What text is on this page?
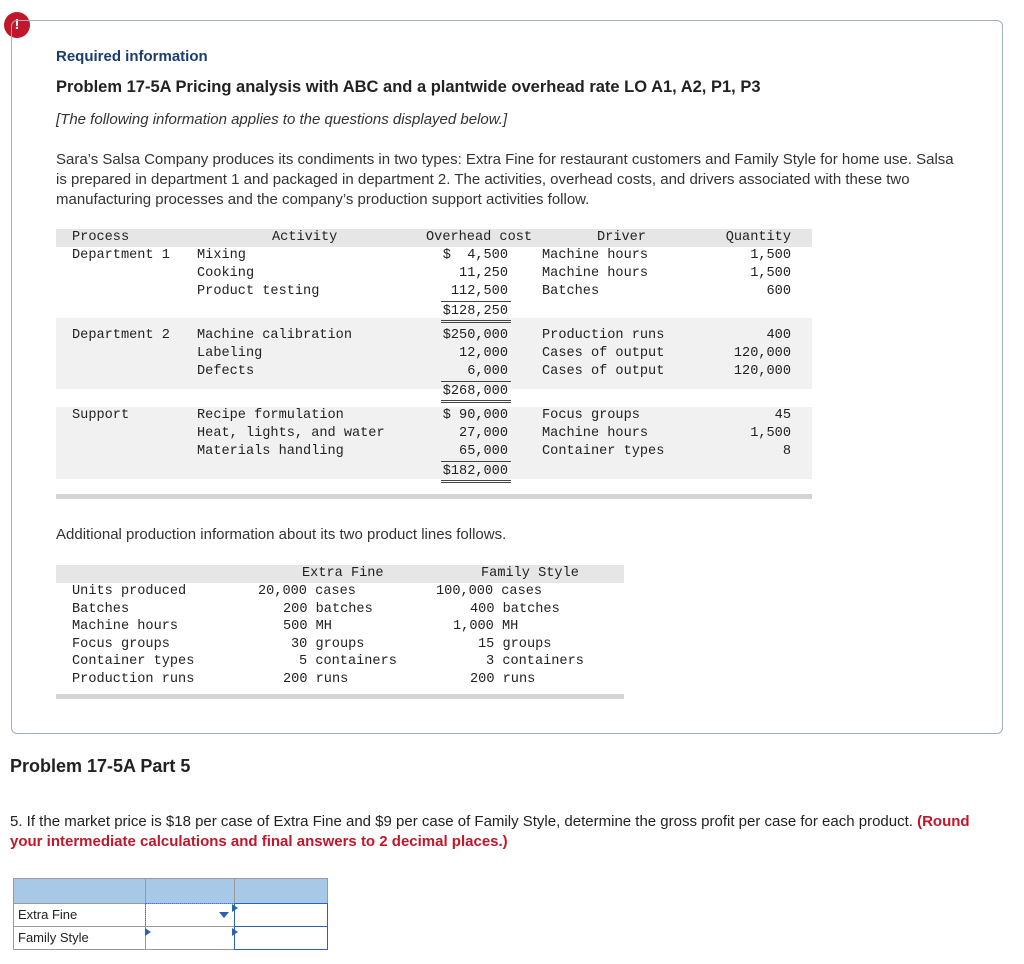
!

Required information

Problem 17-5A Pricing analysis with ABC and a plantwide overhead rate LO A1, A2, P1, P3

[The following information applies to the questions displayed below.]

Sara’s Salsa Company produces its condiments in two types: Extra Fine for restaurant customers and Family Style for home use. Salsa is prepared in department 1 and packaged in department 2. The activities, overhead costs, and drivers associated with these two manufacturing processes and the company’s production support activities follow.

Process	Activity	Overhead cost	Driver	Quantity
Department 1 Mixing	$  4,500	Machine hours	1,500
Cooking	11,250	Machine hours	1,500
Product testing	112,500	Batches	600
$128,250
Department 2 Machine calibration	$250,000	Production runs	400
Labeling	12,000	Cases of output	120,000
Defects	6,000	Cases of output	120,000
$268,000
Support	Recipe formulation	$ 90,000	Focus groups	45
Heat, lights, and water	27,000	Machine hours	1,500
Materials handling	65,000	Container types	8
$182,000

Additional production information about its two product lines follows.

Extra Fine	Family Style
Units produced	20,000 cases	100,000 cases
Batches	200 batches	400 batches
Machine hours	500 MH	1,000 MH
Focus groups	30 groups	15 groups
Container types	5 containers	3 containers
Production runs	200 runs	200 runs

Problem 17-5A Part 5

5. If the market price is $18 per case of Extra Fine and $9 per case of Family Style, determine the gross profit per case for each product. (Round your intermediate calculations and final answers to 2 decimal places.)

Extra Fine
Family Style
